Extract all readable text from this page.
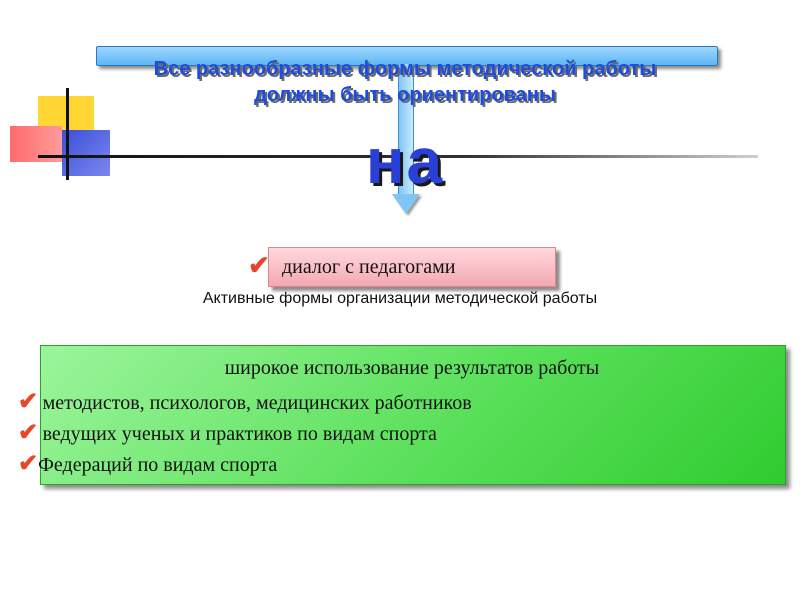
Все разнообразные формы методической работы
должны быть ориентированы
на
✔ диалог с педагогами
Активные формы организации методической работы
широкое использование результатов работы
✔ методистов, психологов, медицинских работников
✔ ведущих ученых и практиков по видам спорта
✔Федераций по видам спорта
